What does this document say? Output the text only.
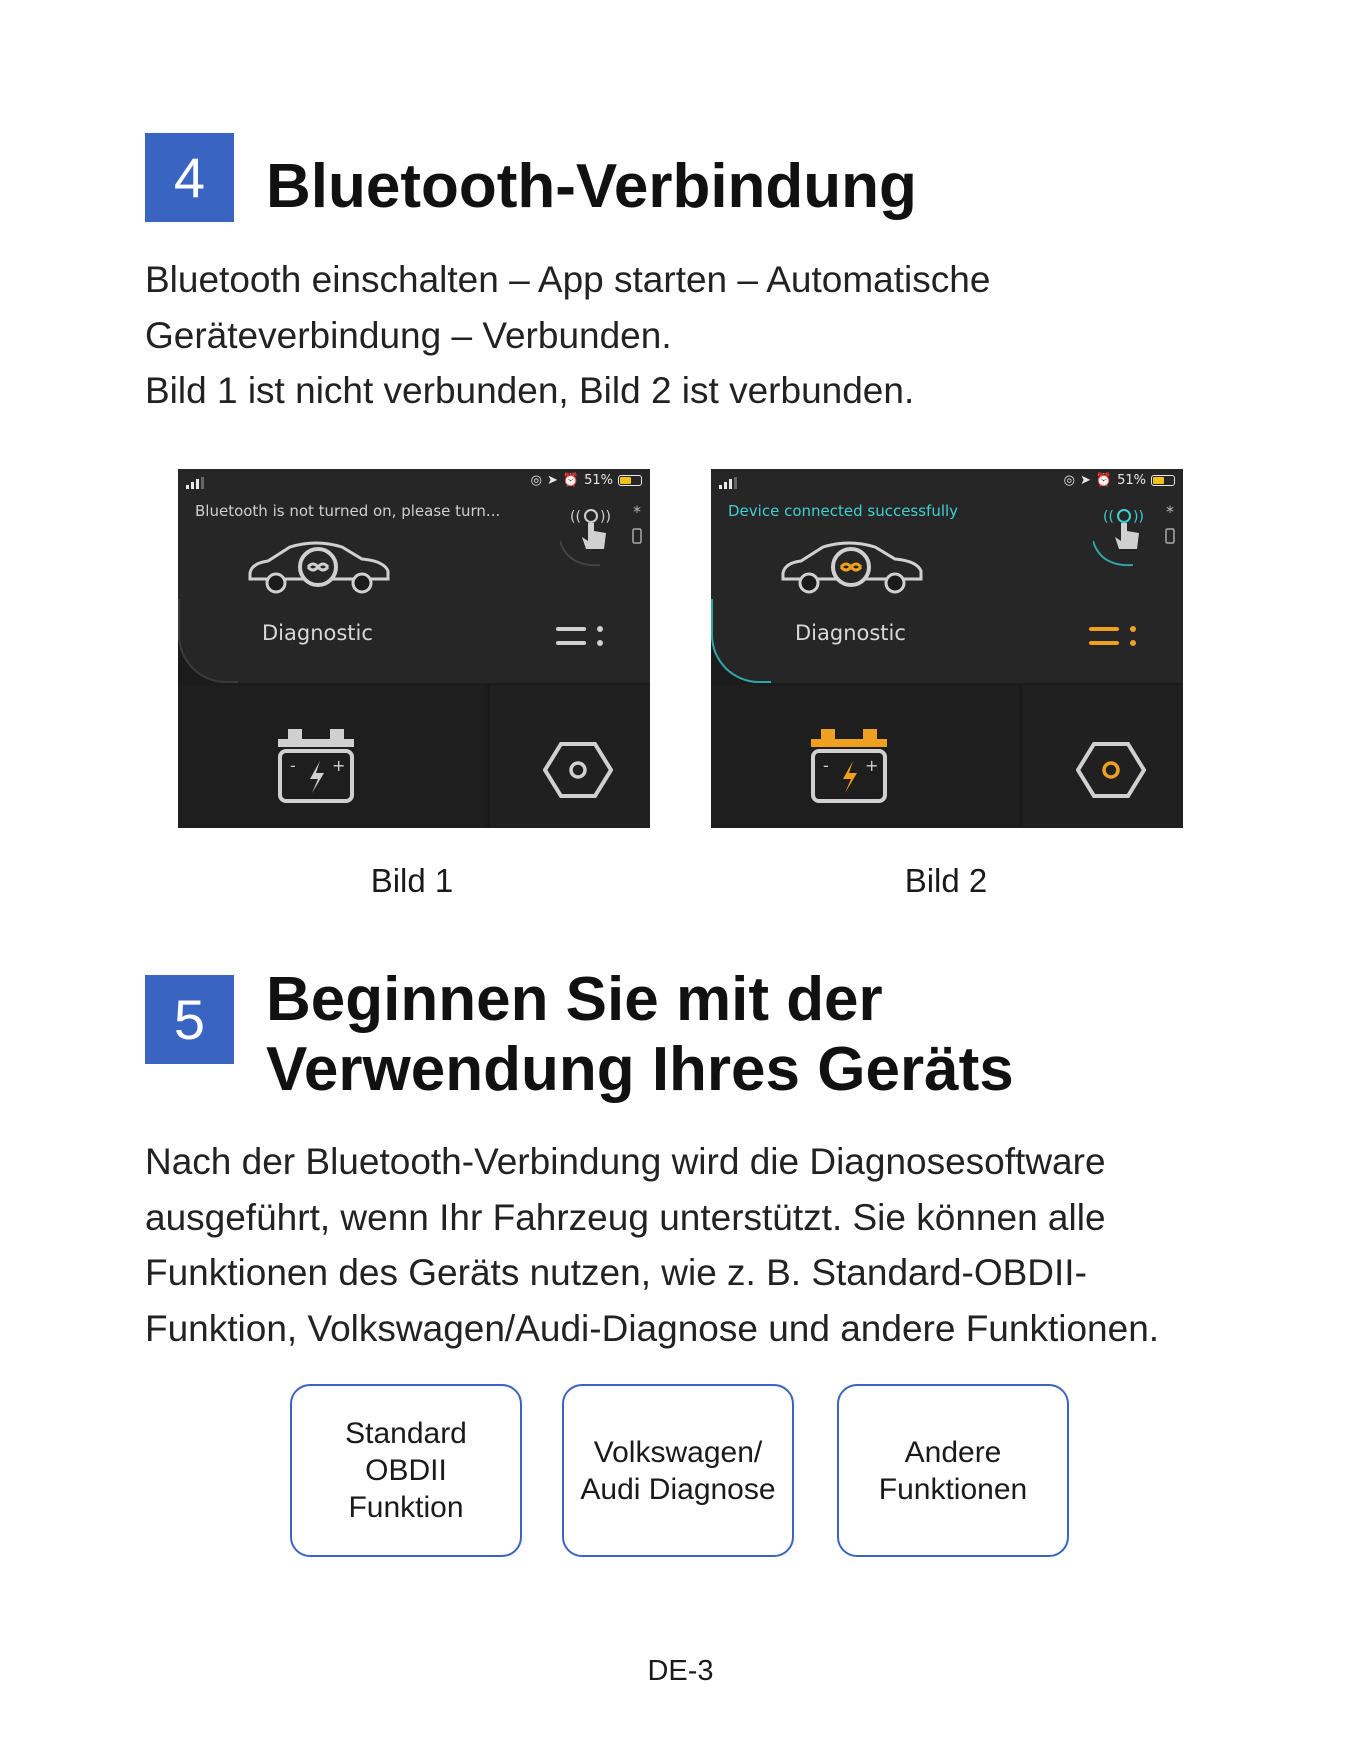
4 Bluetooth-Verbindung
Bluetooth einschalten – App starten – Automatische
Geräteverbindung – Verbunden.
Bild 1 ist nicht verbunden, Bild 2 ist verbunden.
◎ ➤ ⏰ 51%
Bluetooth is not turned on, please turn...	(( )) ∗
Diagnostic
- +
Bild 1
◎ ➤ ⏰ 51%
Device connected successfully	(( )) ∗
Diagnostic
- +
Bild 2
5 Beginnen Sie mit der
Verwendung Ihres Geräts
Nach der Bluetooth-Verbindung wird die Diagnosesoftware
ausgeführt, wenn Ihr Fahrzeug unterstützt. Sie können alle
Funktionen des Geräts nutzen, wie z. B. Standard-OBDII-
Funktion, Volkswagen/Audi-Diagnose und andere Funktionen.
Standard
OBDII
Funktion
Volkswagen/
Audi Diagnose
Andere
Funktionen
DE-3
